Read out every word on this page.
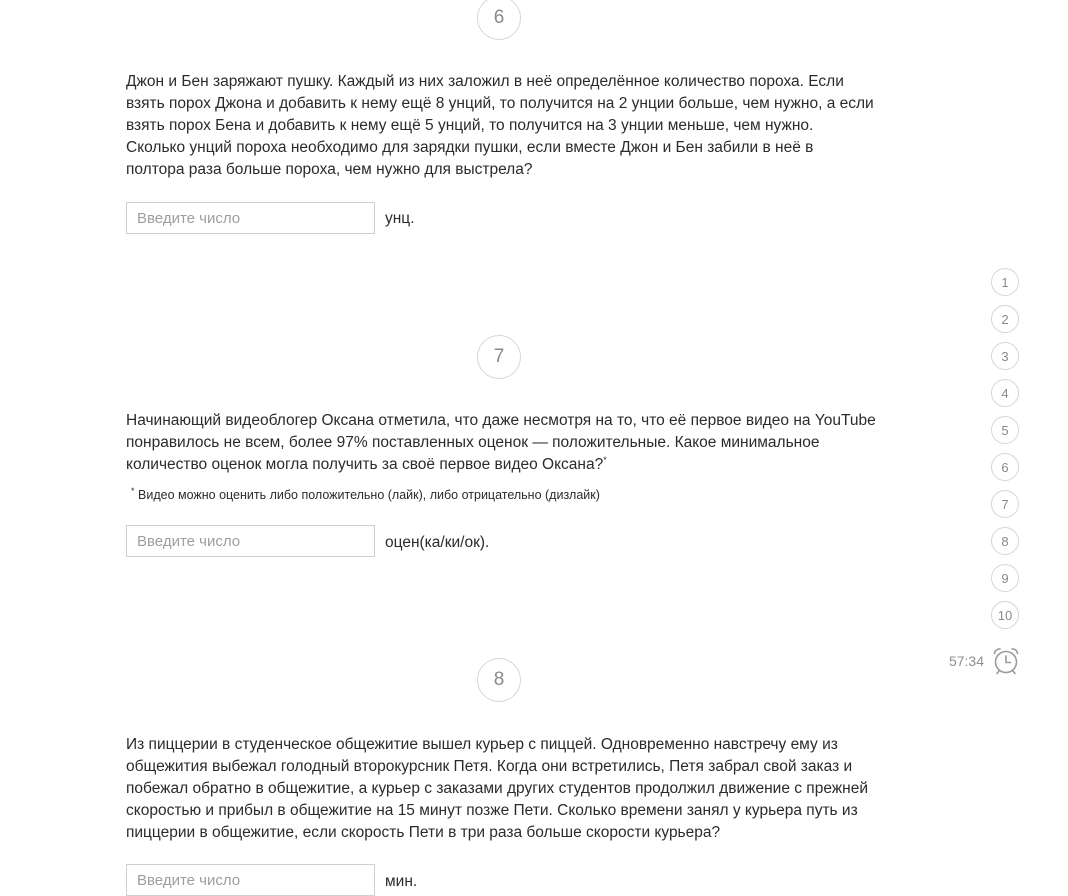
6

Джон и Бен заряжают пушку. Каждый из них заложил в неё определённое количество пороха. Если взять порох Джона и добавить к нему ещё 8 унций, то получится на 2 унции больше, чем нужно, а если взять порох Бена и добавить к нему ещё 5 унций, то получится на 3 унции меньше, чем нужно. Сколько унций пороха необходимо для зарядки пушки, если вместе Джон и Бен забили в неё в полтора раза больше пороха, чем нужно для выстрела?

Введите число
унц.
7

Начинающий видеоблогер Оксана отметила, что даже несмотря на то, что её первое видео на YouTube понравилось не всем, более 97% поставленных оценок — положительные. Какое минимальное количество оценок могла получить за своё первое видео Оксана?*

* Видео можно оценить либо положительно (лайк), либо отрицательно (дизлайк)
Введите число
оцен(ка/ки/ок).
8

Из пиццерии в студенческое общежитие вышел курьер с пиццей. Одновременно навстречу ему из общежития выбежал голодный второкурсник Петя. Когда они встретились, Петя забрал свой заказ и побежал обратно в общежитие, а курьер с заказами других студентов продолжил движение с прежней скоростью и прибыл в общежитие на 15 минут позже Пети. Сколько времени занял у курьера путь из пиццерии в общежитие, если скорость Пети в три раза больше скорости курьера?

Введите число
мин.
1
2
3
4
5
6
7
8
9
10
57:34
